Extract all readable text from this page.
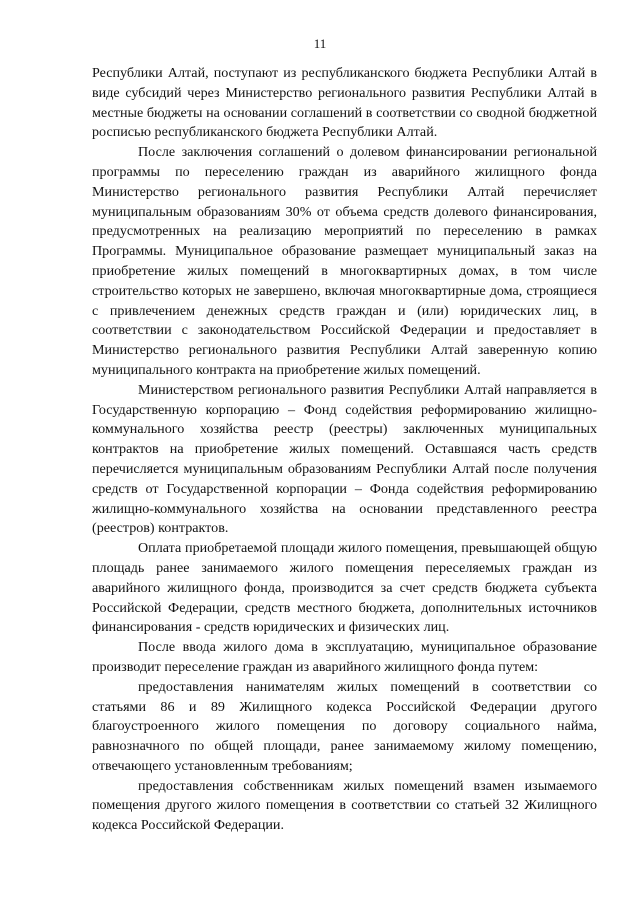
11

Республики Алтай, поступают из республиканского бюджета Республики Алтай в виде субсидий через Министерство регионального развития Республики Алтай в местные бюджеты на основании соглашений в соответствии со сводной бюджетной росписью республиканского бюджета Республики Алтай.

После заключения соглашений о долевом финансировании региональной программы по переселению граждан из аварийного жилищного фонда Министерство регионального развития Республики Алтай перечисляет муниципальным образованиям 30% от объема средств долевого финансирования, предусмотренных на реализацию мероприятий по переселению в рамках Программы. Муниципальное образование размещает муниципальный заказ на приобретение жилых помещений в многоквартирных домах, в том числе строительство которых не завершено, включая многоквартирные дома, строящиеся с привлечением денежных средств граждан и (или) юридических лиц, в соответствии с законодательством Российской Федерации и предоставляет в Министерство регионального развития Республики Алтай заверенную копию муниципального контракта на приобретение жилых помещений.

Министерством регионального развития Республики Алтай направляется в Государственную корпорацию – Фонд содействия реформированию жилищно-коммунального хозяйства реестр (реестры) заключенных муниципальных контрактов на приобретение жилых помещений. Оставшаяся часть средств перечисляется муниципальным образованиям Республики Алтай после получения средств от Государственной корпорации – Фонда содействия реформированию жилищно-коммунального хозяйства на основании представленного реестра (реестров) контрактов.

Оплата приобретаемой площади жилого помещения, превышающей общую площадь ранее занимаемого жилого помещения переселяемых граждан из аварийного жилищного фонда, производится за счет средств бюджета субъекта Российской Федерации, средств местного бюджета, дополнительных источников финансирования - средств юридических и физических лиц.

После ввода жилого дома в эксплуатацию, муниципальное образование производит переселение граждан из аварийного жилищного фонда путем:

предоставления нанимателям жилых помещений в соответствии со статьями 86 и 89 Жилищного кодекса Российской Федерации другого благоустроенного жилого помещения по договору социального найма, равнозначного по общей площади, ранее занимаемому жилому помещению, отвечающего установленным требованиям;

предоставления собственникам жилых помещений взамен изымаемого помещения другого жилого помещения в соответствии со статьей 32 Жилищного кодекса Российской Федерации.
